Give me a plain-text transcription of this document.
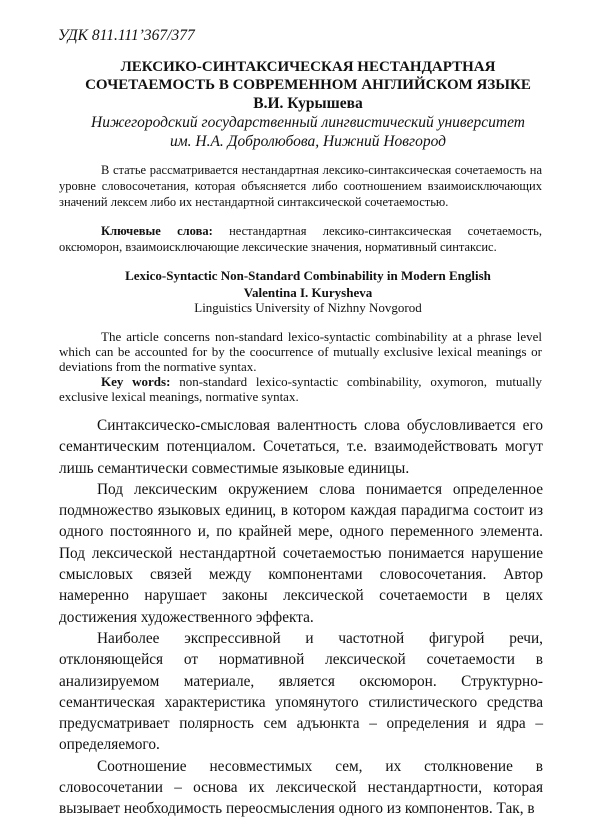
УДК 811.111’367/377
ЛЕКСИКО-СИНТАКСИЧЕСКАЯ НЕСТАНДАРТНАЯ
СОЧЕТАЕМОСТЬ В СОВРЕМЕННОМ АНГЛИЙСКОМ ЯЗЫКЕ
В.И. Курышева
Нижегородский государственный лингвистический университет
им. Н.А. Добролюбова, Нижний Новгород
В статье рассматривается нестандартная лексико-синтаксическая сочетаемость на уровне словосочетания, которая объясняется либо соотношением взаимоисключающих значений лексем либо их нестандартной синтаксической сочетаемостью.
Ключевые слова: нестандартная лексико-синтаксическая сочетаемость, оксюморон, взаимоисключающие лексические значения, нормативный синтаксис.
Lexico-Syntactic Non-Standard Combinability in Modern English
Valentina I. Kurysheva
Linguistics University of Nizhny Novgorod
The article concerns non-standard lexico-syntactic combinability at a phrase level which can be accounted for by the coocurrence of mutually exclusive lexical meanings or deviations from the normative syntax.
Key words: non-standard lexico-syntactic combinability, oxymoron, mutually exclusive lexical meanings, normative syntax.

Синтаксическо-смысловая валентность слова обусловливается его семантическим потенциалом. Сочетаться, т.е. взаимодействовать могут лишь семантически совместимые языковые единицы.

Под лексическим окружением слова понимается определенное подмножество языковых единиц, в котором каждая парадигма состоит из одного постоянного и, по крайней мере, одного переменного элемента. Под лексической нестандартной сочетаемостью понимается нарушение смысловых связей между компонентами словосочетания. Автор намеренно нарушает законы лексической сочетаемости в целях достижения художественного эффекта.

Наиболее экспрессивной и частотной фигурой речи, отклоняющейся от нормативной лексической сочетаемости в анализируемом материале, является оксюморон. Структурно-семантическая характеристика упомянутого стилистического средства предусматривает полярность сем адъюнкта – определения и ядра – определяемого.

Соотношение несовместимых сем, их столкновение в словосочетании – основа их лексической нестандартности, которая вызывает необходимость переосмысления одного из компонентов. Так, в
